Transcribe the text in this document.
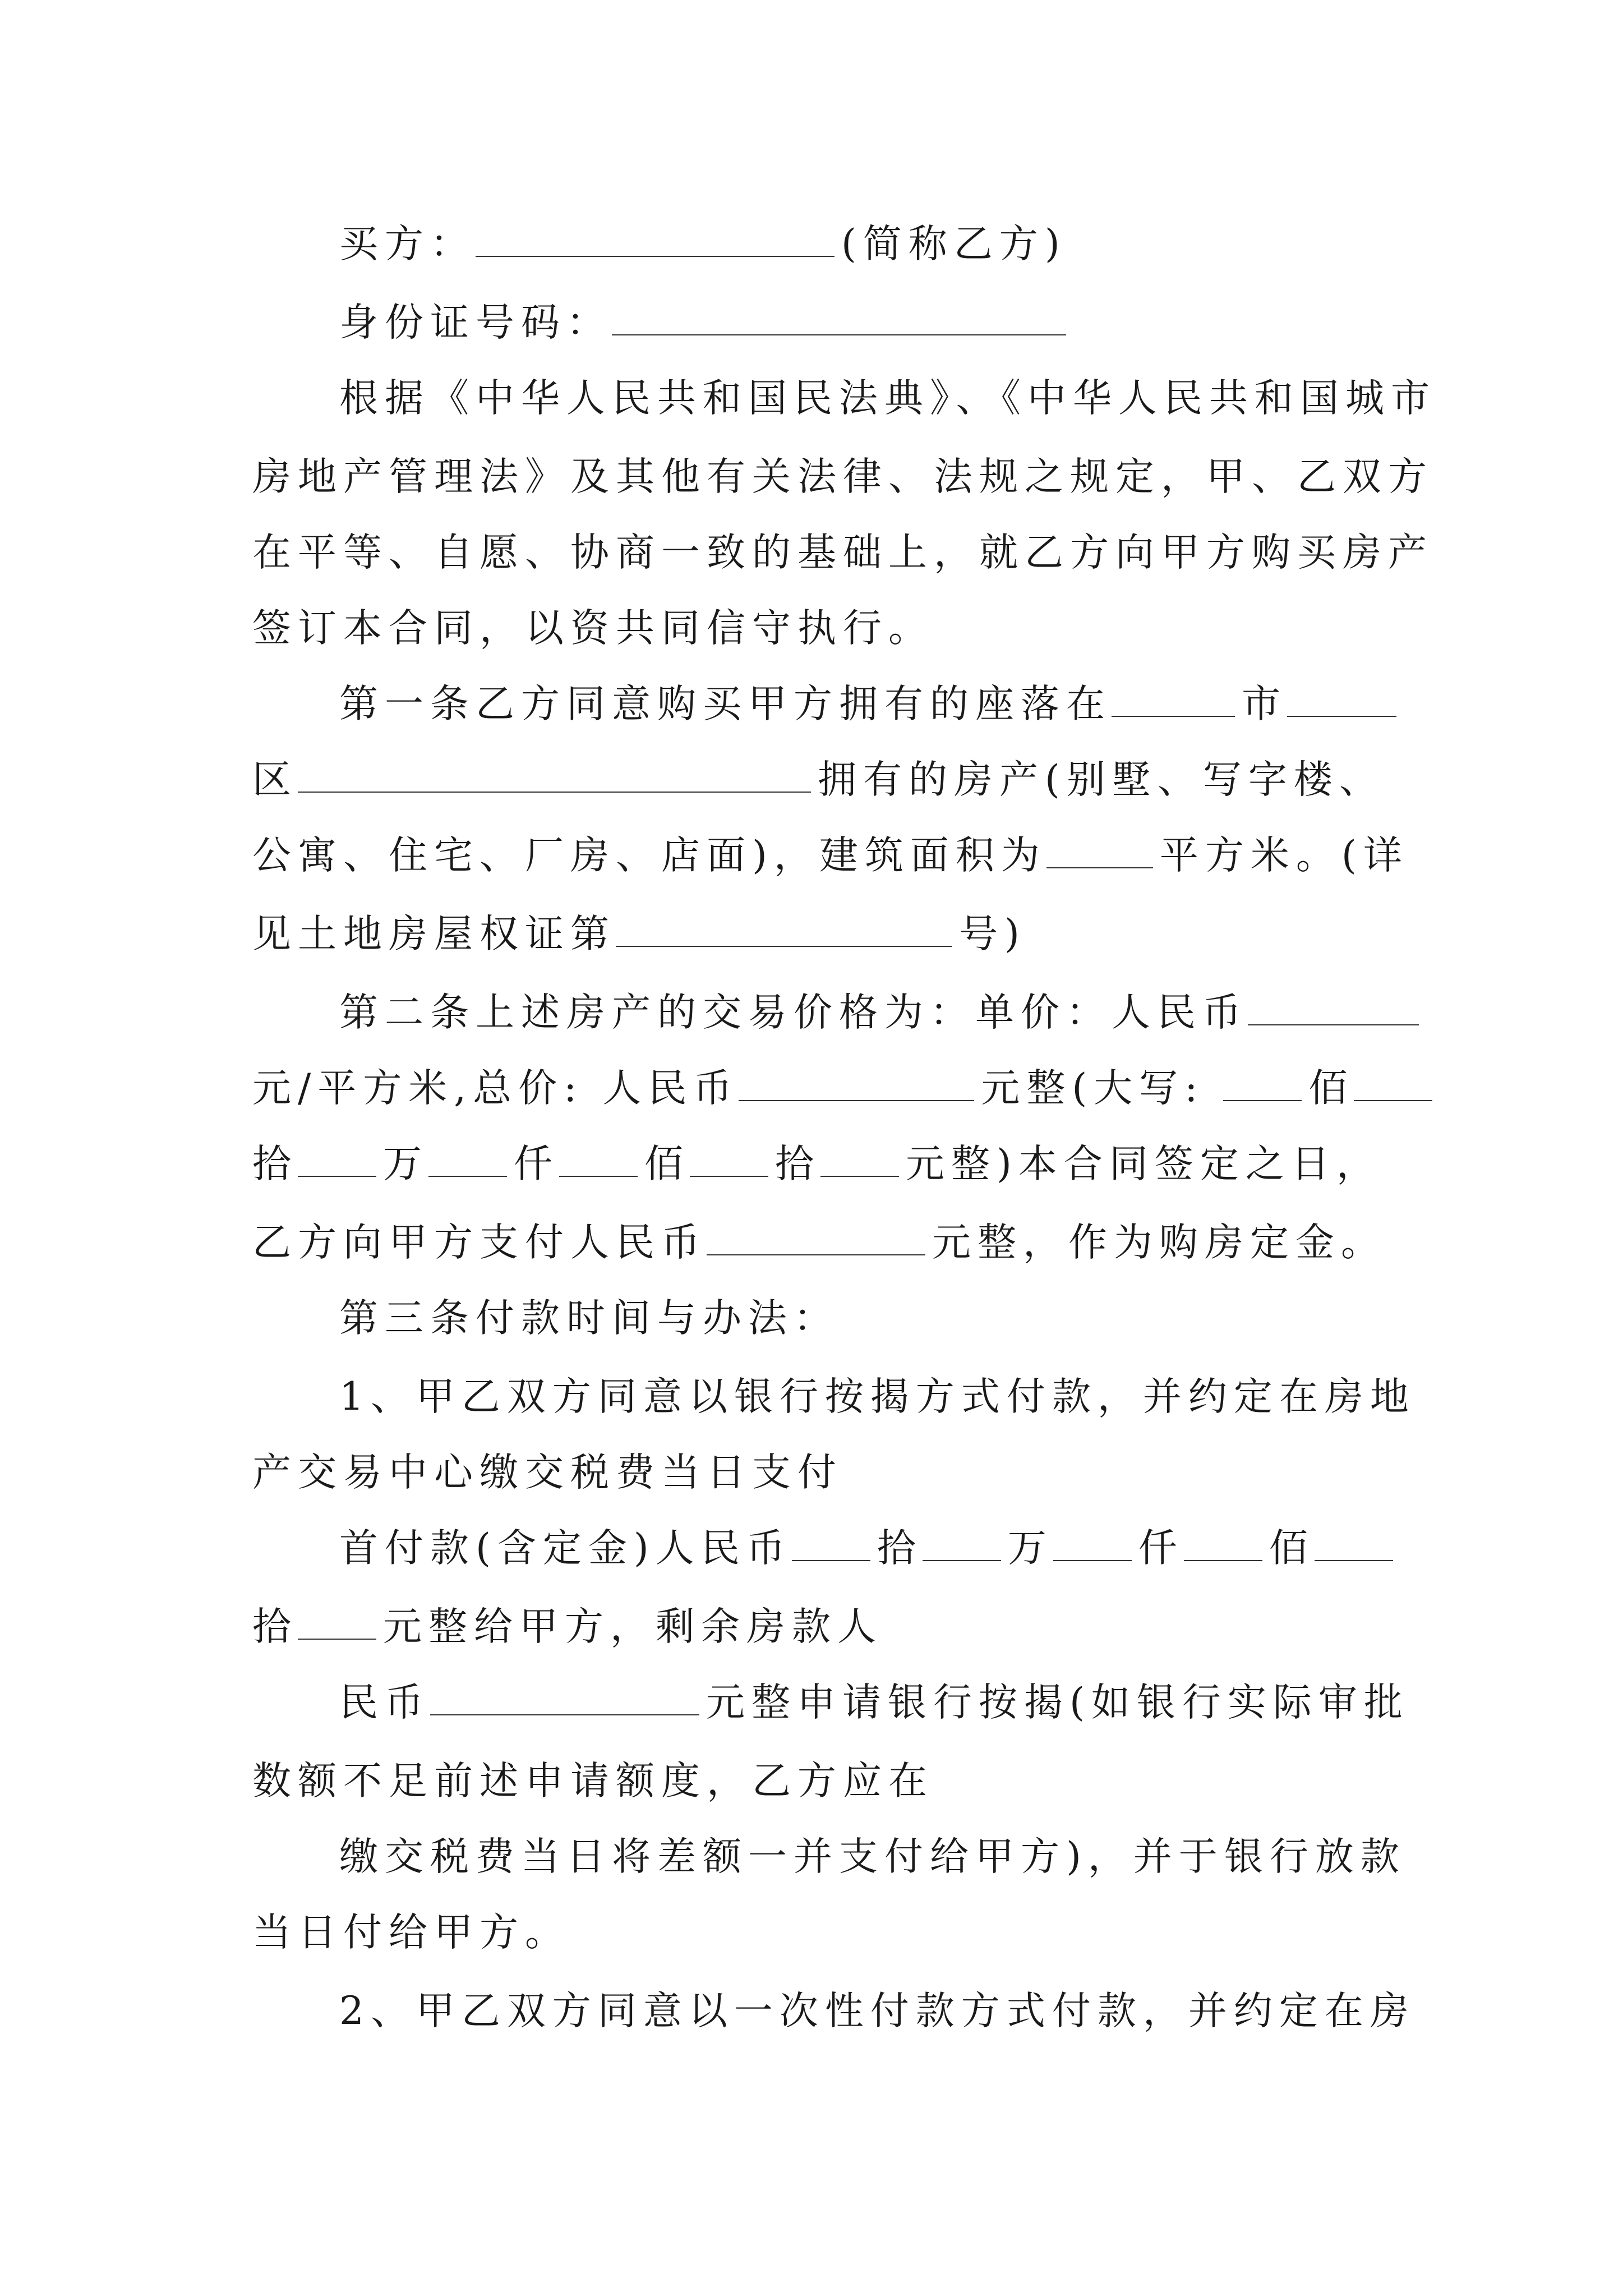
买方：	(简称乙方)
身份证号码：
根据《中华人民共和国民法典》、《中华人民共和国城市
房地产管理法》及其他有关法律、法规之规定，甲、乙双方
在平等、自愿、协商一致的基础上，就乙方向甲方购买房产
签订本合同，以资共同信守执行。
第一条乙方同意购买甲方拥有的座落在	市
区	拥有的房产(别墅、写字楼、
公寓、住宅、厂房、店面)，建筑面积为	平方米。(详
见土地房屋权证第	号)
第二条上述房产的交易价格为：单价：人民币
元/平方米,总价: 人民币	元整(大写: 佰
拾 万 仟 佰 拾 元整)本合同签定之日，
乙方向甲方支付人民币	元整，作为购房定金。
第三条付款时间与办法：
1、甲乙双方同意以银行按揭方式付款，并约定在房地
产交易中心缴交税费当日支付
首付款(含定金)人民币 拾 万 仟 佰
拾 元整给甲方，剩余房款人
民币	元整申请银行按揭(如银行实际审批
数额不足前述申请额度，乙方应在
缴交税费当日将差额一并支付给甲方)，并于银行放款
当日付给甲方。
2、甲乙双方同意以一次性付款方式付款，并约定在房
